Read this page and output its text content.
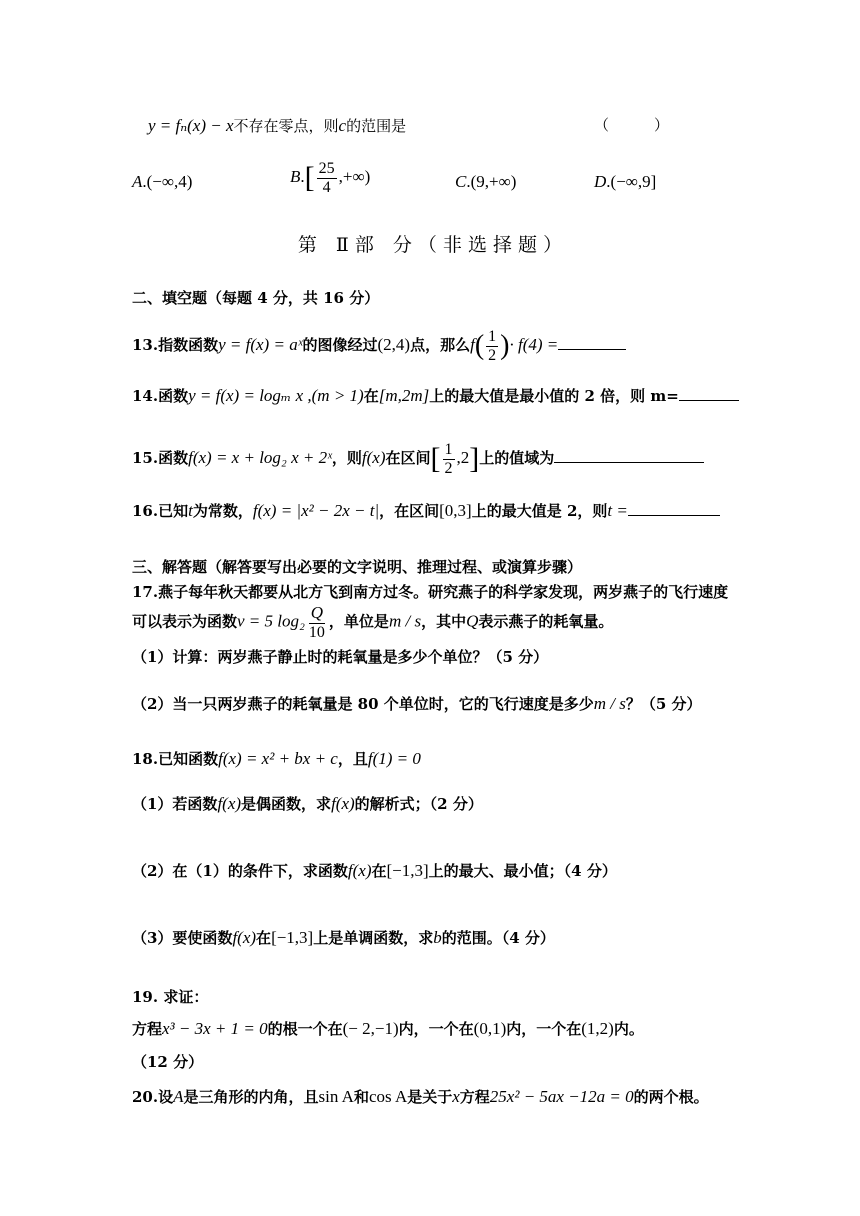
y = fₙ(x) − x不存在零点，则c的范围是	（　　　）
A.(−∞,4)	$B.[ \frac{25}{4}$ ,+∞)	C.(9,+∞)	D.(−∞,9]
第　Ⅱ 部　分 （ 非 选 择 题 ）
二、填空题（每题 4 分，共 16 分）
13.指数函数y = f(x) = aˣ的图像经过(2,4)点，那么$f( \frac{1}{2}$ )· f(4) =
14.函数y = f(x) = logₘ x ,(m > 1)在[m,2m]上的最大值是最小值的 2 倍，则 m=
15.函数f(x) = x + log₂ x + 2ˣ，则f(x)在区间[ $\frac{1}{2} ,2$]上的值域为
16.已知t为常数，f(x) = |x² − 2x − t|，在区间[0,3]上的最大值是 2，则t =
三、解答题（解答要写出必要的文字说明、推理过程、或演算步骤）
17.燕子每年秋天都要从北方飞到南方过冬。研究燕子的科学家发现，两岁燕子的飞行速度
可以表示为函数v = 5 $\log_2 \frac{Q}{10}$ ，单位是m / s，其中Q表示燕子的耗氧量。
（1）计算：两岁燕子静止时的耗氧量是多少个单位？（5 分）
（2）当一只两岁燕子的耗氧量是 80 个单位时，它的飞行速度是多少m / s？（5 分）
18.已知函数f(x) = x² + bx + c，且f(1) = 0
（1）若函数f(x)是偶函数，求f(x)的解析式；（2 分）
（2）在（1）的条件下，求函数f(x)在[−1,3]上的最大、最小值；（4 分）
（3）要使函数f(x)在[−1,3]上是单调函数，求b的范围。（4 分）
19. 求证：
方程x³ − 3x + 1 = 0的根一个在(− 2,−1)内，一个在(0,1)内，一个在(1,2)内。
（12 分）
20.设A是三角形的内角，且sin A和cos A是关于x方程25x² − 5ax −12a = 0的两个根。
